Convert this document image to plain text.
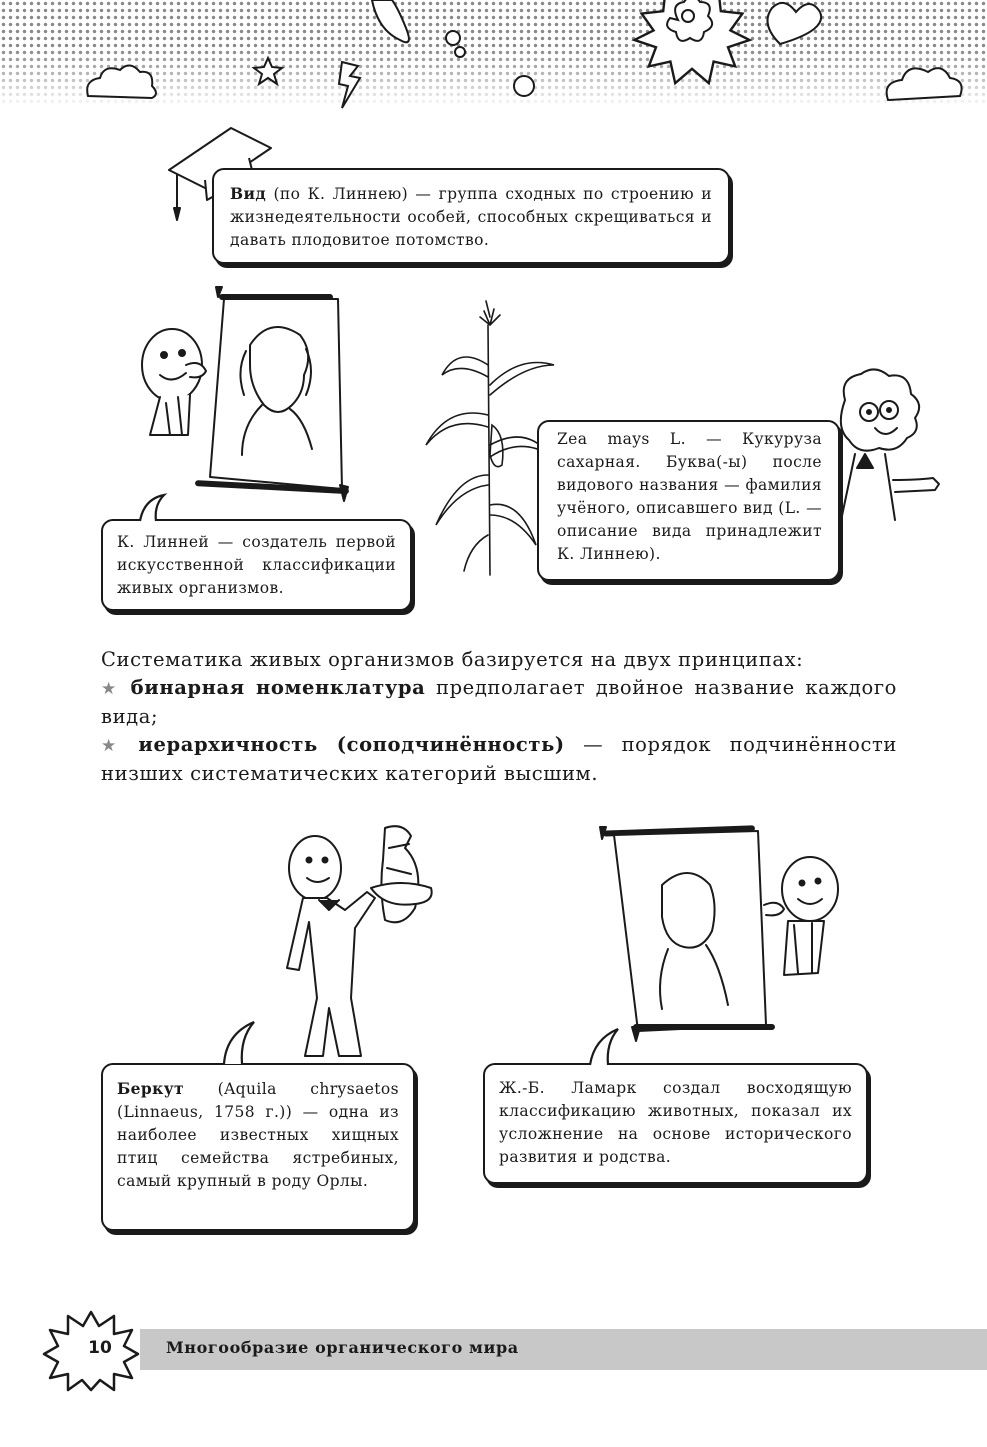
Вид (по К. Линнею) — группа сходных по строению и жизнедеятельности особей, способных скрещиваться и давать плодовитое потомство.

К. Линней — создатель первой искусственной классификации живых организмов.

Zea mays L. — Кукуруза сахарная. Буква(-ы) после видового названия — фамилия учёного, описавшего вид (L. — описание вида принадлежит К. Линнею).

Систематика живых организмов базируется на двух принципах:

★ бинарная номенклатура предполагает двойное название каждого вида;

★ иерархичность (соподчинённость) — порядок подчинённости низших систематических категорий высшим.

Беркут (Aquila chrysaetos (Linnaeus, 1758 г.)) — одна из наиболее известных хищных птиц семейства ястребиных, самый крупный в роду Орлы.

Ж.-Б. Ламарк создал восходящую классификацию животных, показал их усложнение на основе исторического развития и родства.

10	Многообразие органического мира
